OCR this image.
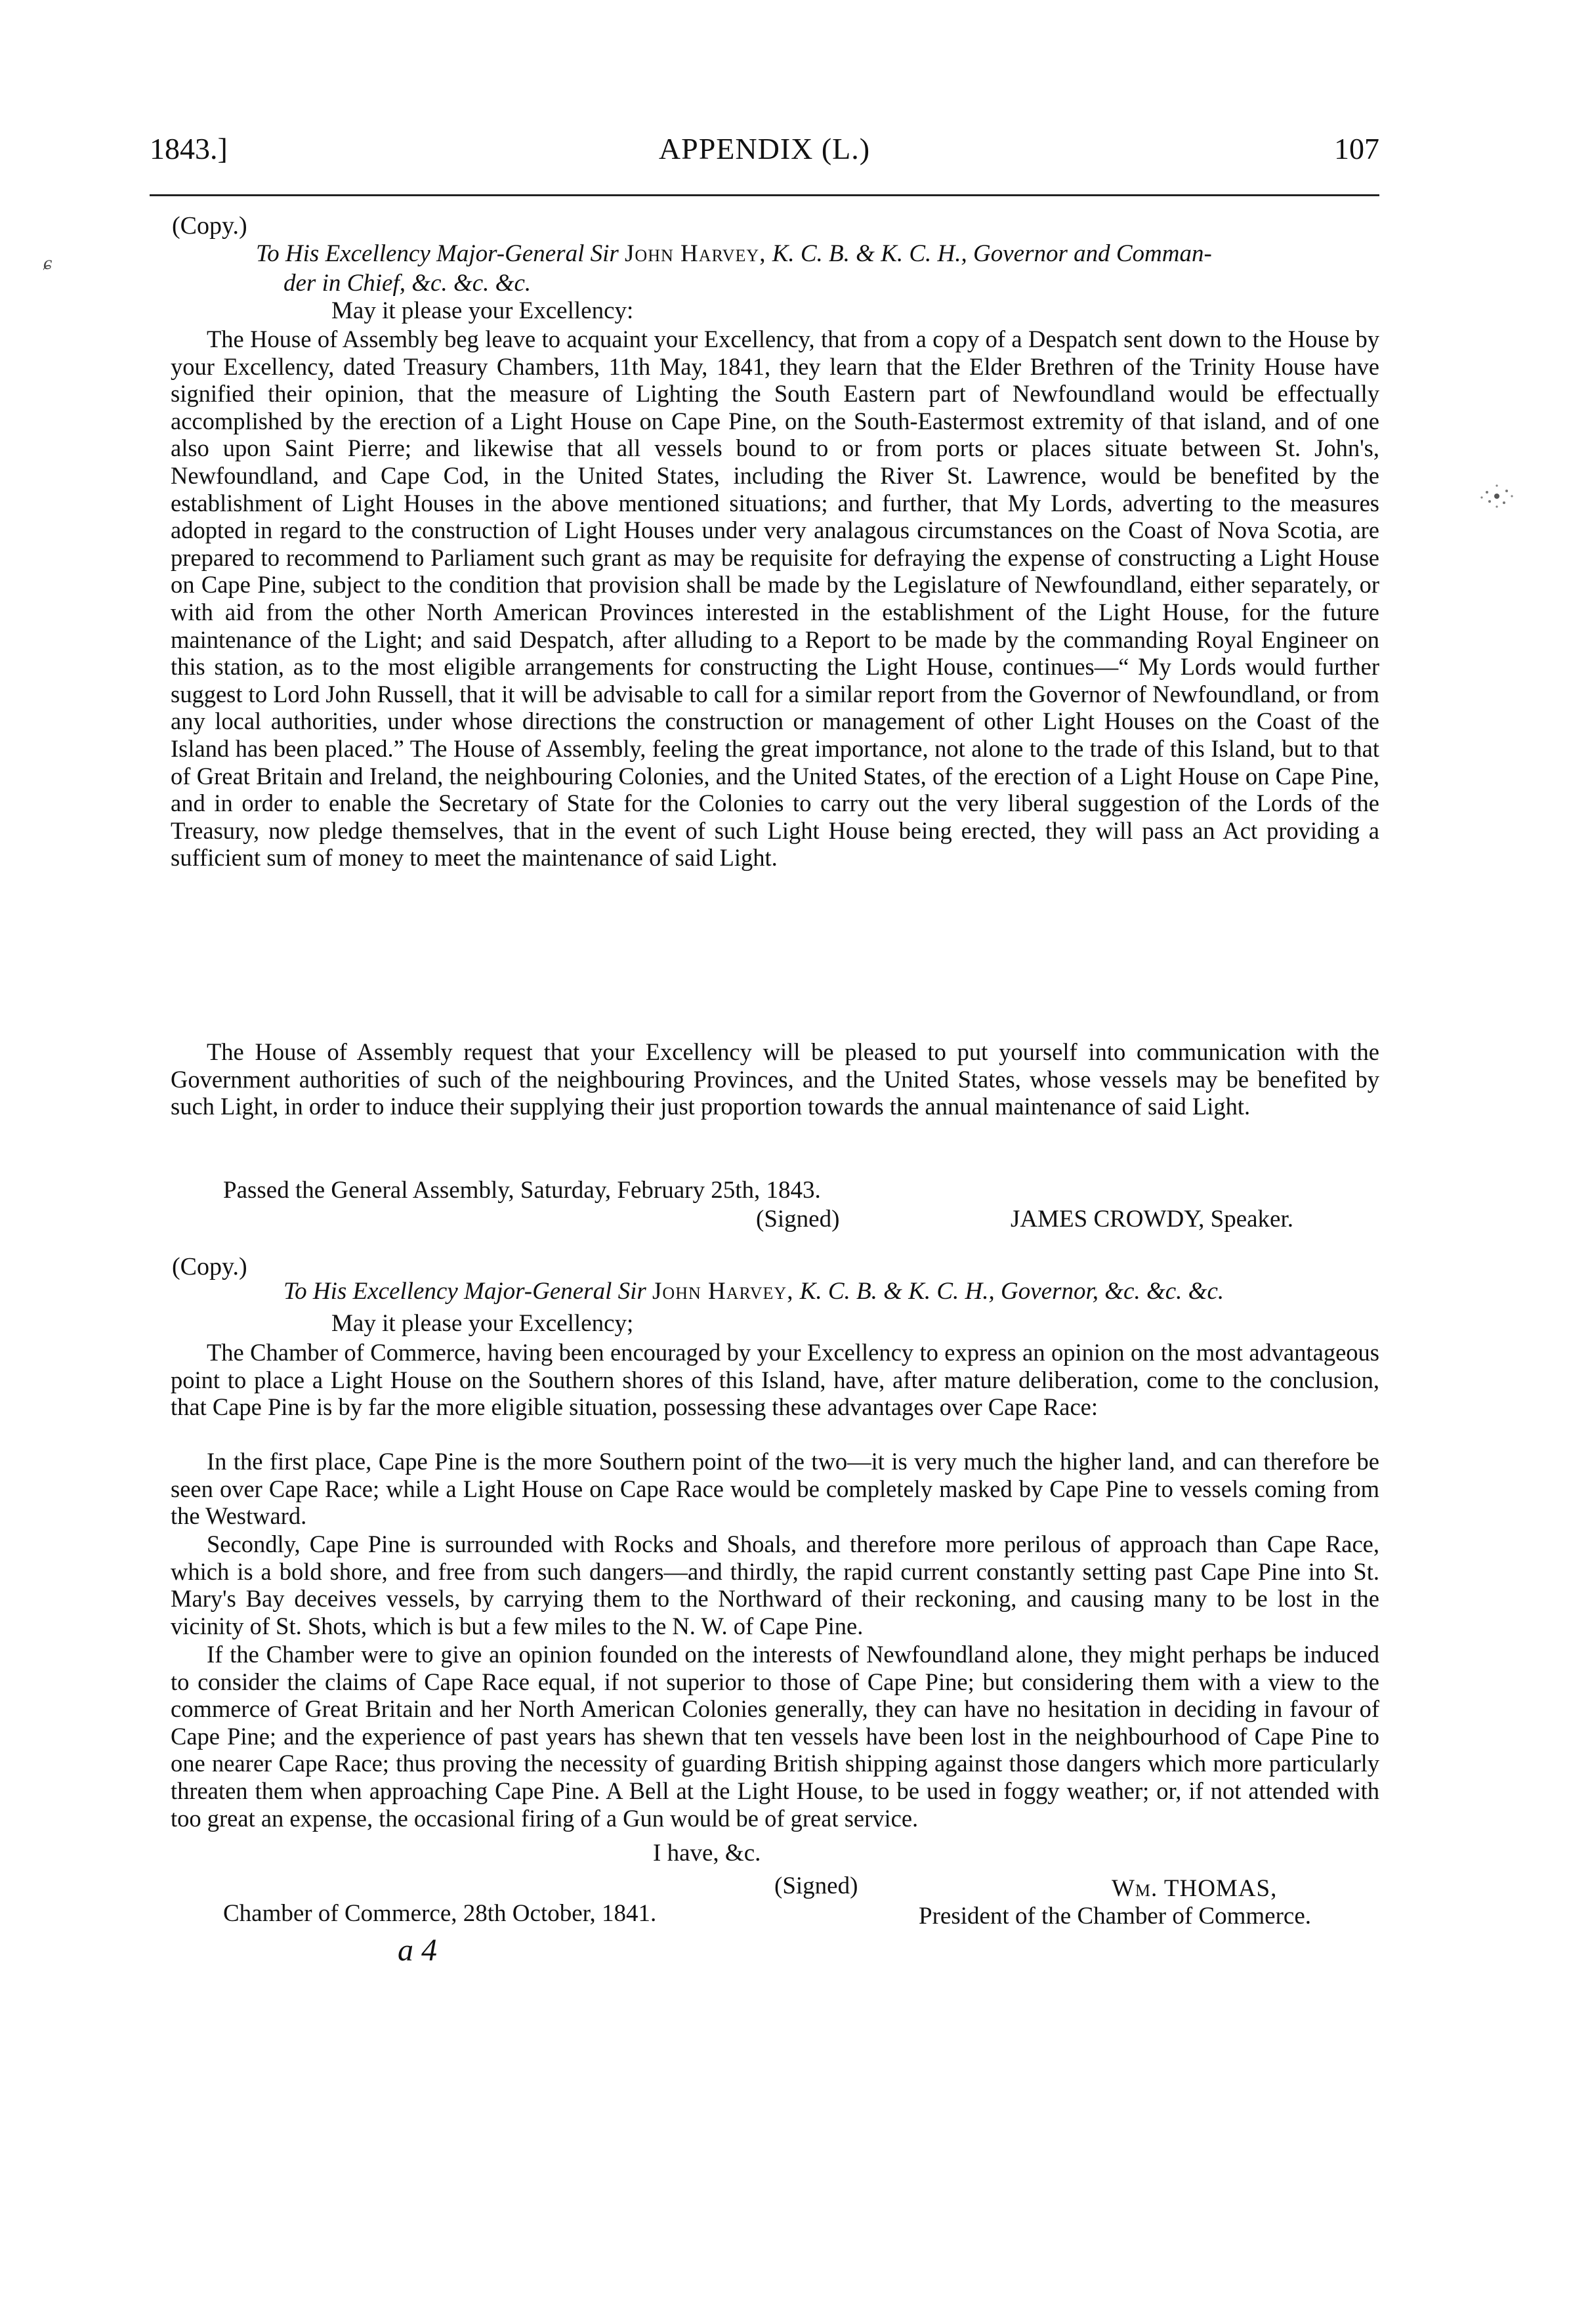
1843.]	APPENDIX (L.)	107
(Copy.)
ɕ	To His Excellency Major-General Sir John Harvey, K. C. B. & K. C. H., Governor and Comman-
der in Chief, &c. &c. &c.
May it please your Excellency:

The House of Assembly beg leave to acquaint your Excellency, that from a copy of a Despatch sent down to the House by your Excellency, dated Treasury Chambers, 11th May, 1841, they learn that the Elder Brethren of the Trinity House have signified their opinion, that the measure of Lighting the South Eastern part of Newfoundland would be effectually accomplished by the erection of a Light House on Cape Pine, on the South-Eastermost extremity of that island, and of one also upon Saint Pierre; and likewise that all vessels bound to or from ports or places situate between St. John's, Newfoundland, and Cape Cod, in the United States, including the River St. Lawrence, would be benefited by the establishment of Light Houses in the above mentioned situations; and further, that My Lords, adverting to the measures adopted in regard to the construction of Light Houses under very analagous circumstances on the Coast of Nova Scotia, are prepared to recommend to Parliament such grant as may be requisite for defraying the expense of constructing a Light House on Cape Pine, subject to the condition that provision shall be made by the Legislature of Newfoundland, either separately, or with aid from the other North American Provinces interested in the establishment of the Light House, for the future maintenance of the Light; and said Despatch, after alluding to a Report to be made by the commanding Royal Engineer on this station, as to the most eligible arrangements for constructing the Light House, continues—“ My Lords would further suggest to Lord John Russell, that it will be advisable to call for a similar report from the Governor of Newfoundland, or from any local authorities, under whose directions the construction or management of other Light Houses on the Coast of the Island has been placed.” The House of Assembly, feeling the great importance, not alone to the trade of this Island, but to that of Great Britain and Ireland, the neighbouring Colonies, and the United States, of the erection of a Light House on Cape Pine, and in order to enable the Secretary of State for the Colonies to carry out the very liberal suggestion of the Lords of the Treasury, now pledge themselves, that in the event of such Light House being erected, they will pass an Act providing a sufficient sum of money to meet the maintenance of said Light.

The House of Assembly request that your Excellency will be pleased to put yourself into communication with the Government authorities of such of the neighbouring Provinces, and the United States, whose vessels may be benefited by such Light, in order to induce their supplying their just proportion towards the annual maintenance of said Light.

Passed the General Assembly, Saturday, February 25th, 1843.
(Signed)	JAMES CROWDY, Speaker.
(Copy.)
To His Excellency Major-General Sir John Harvey, K. C. B. & K. C. H., Governor, &c. &c. &c.
May it please your Excellency;

The Chamber of Commerce, having been encouraged by your Excellency to express an opinion on the most advantageous point to place a Light House on the Southern shores of this Island, have, after mature deliberation, come to the conclusion, that Cape Pine is by far the more eligible situation, possessing these advantages over Cape Race:

In the first place, Cape Pine is the more Southern point of the two—it is very much the higher land, and can therefore be seen over Cape Race; while a Light House on Cape Race would be completely masked by Cape Pine to vessels coming from the Westward.

Secondly, Cape Pine is surrounded with Rocks and Shoals, and therefore more perilous of approach than Cape Race, which is a bold shore, and free from such dangers—and thirdly, the rapid current constantly setting past Cape Pine into St. Mary's Bay deceives vessels, by carrying them to the Northward of their reckoning, and causing many to be lost in the vicinity of St. Shots, which is but a few miles to the N. W. of Cape Pine.

If the Chamber were to give an opinion founded on the interests of Newfoundland alone, they might perhaps be induced to consider the claims of Cape Race equal, if not superior to those of Cape Pine; but considering them with a view to the commerce of Great Britain and her North American Colonies generally, they can have no hesitation in deciding in favour of Cape Pine; and the experience of past years has shewn that ten vessels have been lost in the neighbourhood of Cape Pine to one nearer Cape Race; thus proving the necessity of guarding British shipping against those dangers which more particularly threaten them when approaching Cape Pine. A Bell at the Light House, to be used in foggy weather; or, if not attended with too great an expense, the occasional firing of a Gun would be of great service.

I have, &c.
(Signed)	Wm. THOMAS,
President of the Chamber of Commerce.
Chamber of Commerce, 28th October, 1841.
a 4
